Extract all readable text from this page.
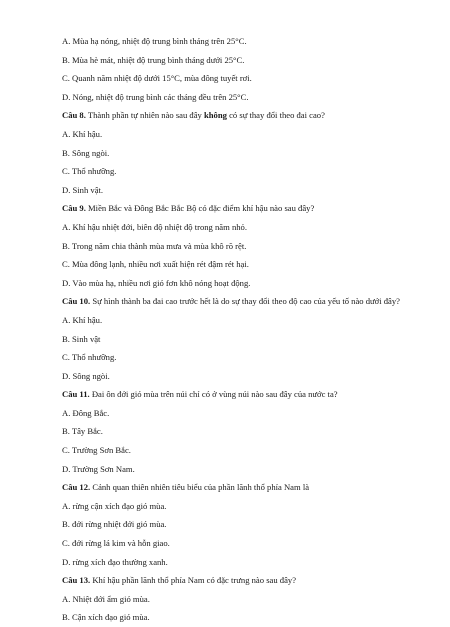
A. Mùa hạ nóng, nhiệt độ trung bình tháng trên 25°C.

B. Mùa hè mát, nhiệt độ trung bình tháng dưới 25°C.

C. Quanh năm nhiệt độ dưới 15°C, mùa đông tuyết rơi.

D. Nóng, nhiệt độ trung bình các tháng đều trên 25°C.

Câu 8. Thành phần tự nhiên nào sau đây không có sự thay đổi theo đai cao?

A. Khí hậu.

B. Sông ngòi.

C. Thổ nhưỡng.

D. Sinh vật.

Câu 9. Miền Bắc và Đông Bắc Bắc Bộ có đặc điểm khí hậu nào sau đây?

A. Khí hậu nhiệt đới, biên độ nhiệt độ trong năm nhỏ.

B. Trong năm chia thành mùa mưa và mùa khô rõ rệt.

C. Mùa đông lạnh, nhiều nơi xuất hiện rét đậm rét hại.

D. Vào mùa hạ, nhiều nơi gió fơn khô nóng hoạt động.

Câu 10. Sự hình thành ba đai cao trước hết là do sự thay đổi theo độ cao của yếu tố nào dưới đây?

A. Khí hậu.

B. Sinh vật

C. Thổ nhưỡng.

D. Sông ngòi.

Câu 11. Đai ôn đới gió mùa trên núi chỉ có ở vùng núi nào sau đây của nước ta?

A. Đông Bắc.

B. Tây Bắc.

C. Trường Sơn Bắc.

D. Trường Sơn Nam.

Câu 12. Cảnh quan thiên nhiên tiêu biểu của phần lãnh thổ phía Nam là

A. rừng cận xích đạo gió mùa.

B. đới rừng nhiệt đới gió mùa.

C. đới rừng lá kim và hỗn giao.

D. rừng xích đạo thường xanh.

Câu 13. Khí hậu phần lãnh thổ phía Nam có đặc trưng nào sau đây?

A. Nhiệt đới ẩm gió mùa.

B. Cận xích đạo gió mùa.
